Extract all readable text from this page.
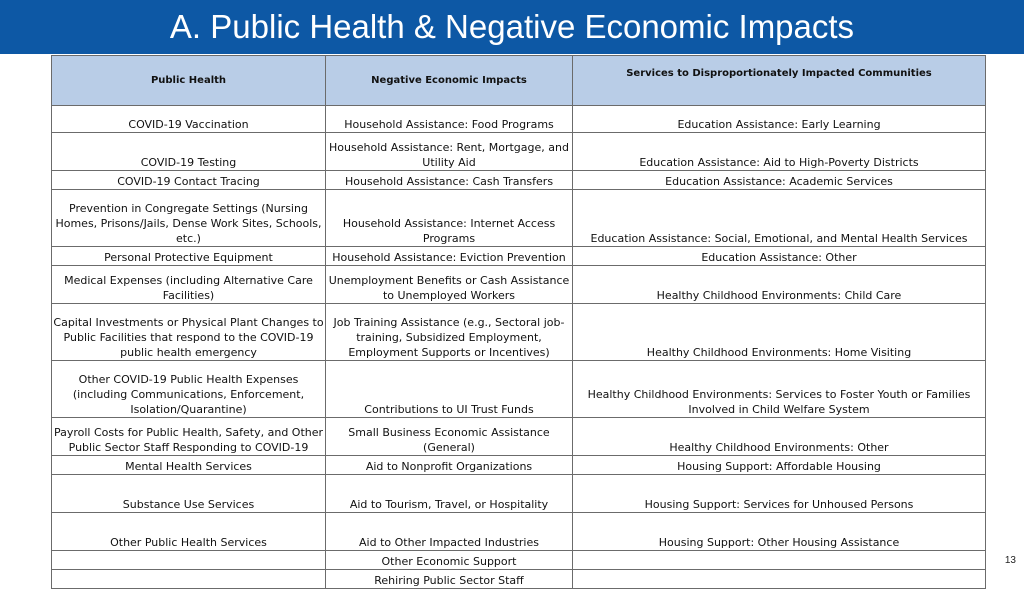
A. Public Health & Negative Economic Impacts
Public Health	Negative Economic Impacts	Services to Disproportionately Impacted Communities
COVID-19 Vaccination	Household Assistance: Food Programs	Education Assistance: Early Learning
COVID-19 Testing	Household Assistance: Rent, Mortgage, and Utility Aid	Education Assistance: Aid to High-Poverty Districts
COVID-19 Contact Tracing	Household Assistance: Cash Transfers	Education Assistance: Academic Services
Prevention in Congregate Settings (Nursing Homes, Prisons/Jails, Dense Work Sites, Schools, etc.)	Household Assistance: Internet Access Programs	Education Assistance: Social, Emotional, and Mental Health Services
Personal Protective Equipment	Household Assistance: Eviction Prevention	Education Assistance: Other
Medical Expenses (including Alternative Care Facilities)	Unemployment Benefits or Cash Assistance to Unemployed Workers	Healthy Childhood Environments: Child Care
Capital Investments or Physical Plant Changes to Public Facilities that respond to the COVID-19 public health emergency	Job Training Assistance (e.g., Sectoral job-training, Subsidized Employment, Employment Supports or Incentives)	Healthy Childhood Environments: Home Visiting
Other COVID-19 Public Health Expenses (including Communications, Enforcement, Isolation/Quarantine)	Contributions to UI Trust Funds	Healthy Childhood Environments: Services to Foster Youth or Families Involved in Child Welfare System
Payroll Costs for Public Health, Safety, and Other Public Sector Staff Responding to COVID-19	Small Business Economic Assistance (General)	Healthy Childhood Environments: Other
Mental Health Services	Aid to Nonprofit Organizations	Housing Support: Affordable Housing
Substance Use Services	Aid to Tourism, Travel, or Hospitality	Housing Support: Services for Unhoused Persons
Other Public Health Services	Aid to Other Impacted Industries	Housing Support: Other Housing Assistance
	Other Economic Support	
	Rehiring Public Sector Staff	
13
